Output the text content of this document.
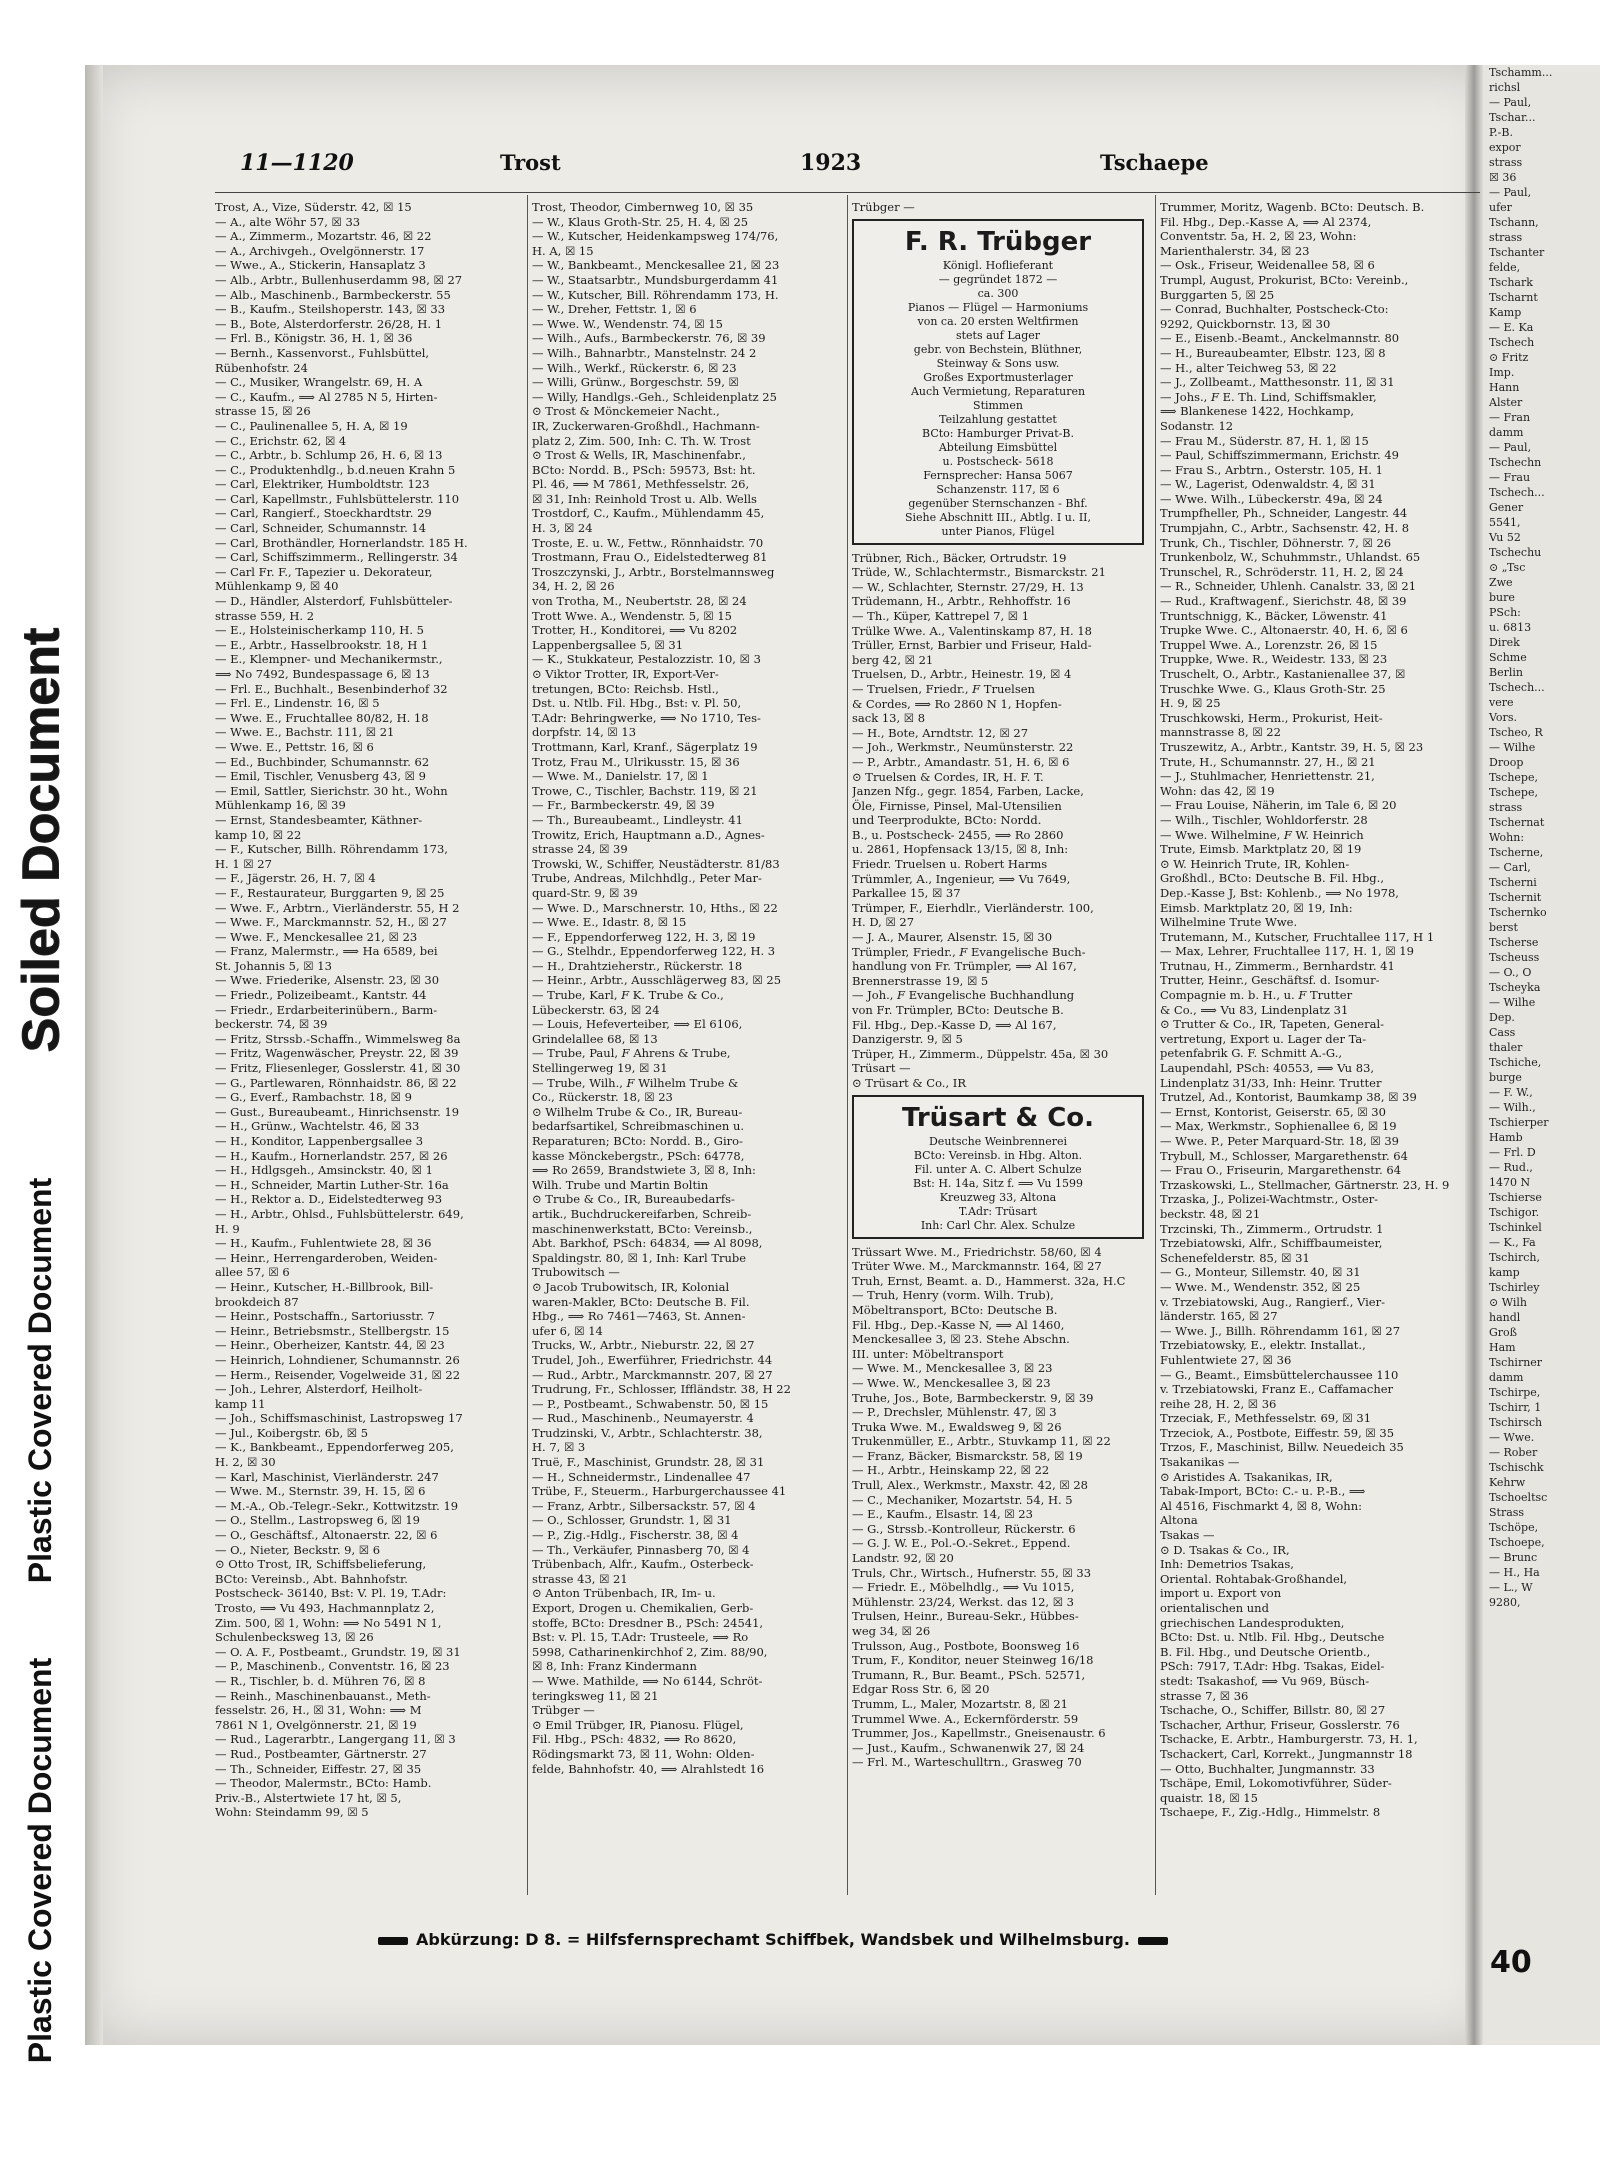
Soiled Document
Plastic Covered Document
Plastic Covered Document
Tschamm...
richsl
— Paul,
Tschar...
P.-B.
expor
strass
☒ 36
— Paul,
ufer
Tschann,
strass
Tschanter
felde,
Tschark
Tscharnt
Kamp
— E. Ka
Tschech
⊙ Fritz
Imp.
Hann
Alster
— Fran
damm
— Paul,
Tschechn
— Frau
Tschech...
Gener
5541,
Vu 52
Tschechu
⊙ „Tsc
Zwe
bure
PSch:
u. 6813
Direk
Schme
Berlin
Tschech...
vere
Vors.
Tscheo, R
— Wilhe
Droop
Tschepe,
Tschepe,
strass
Tschernat
Wohn:
Tscherne,
— Carl,
Tscherni
Tschernit
Tschernko
berst
Tscherse
Tscheuss
— O., O
Tscheyka
— Wilhe
Dep.
Cass
thaler
Tschiche,
burge
— F. W.,
— Wilh.,
Tschierper
Hamb
— Frl. D
— Rud.,
1470 N
Tschierse
Tschigor.
Tschinkel
— K., Fa
Tschirch,
kamp
Tschirley
⊙ Wilh
handl
Groß
Ham
Tschirner
damm
Tschirpe,
Tschirr, 1
Tschirsch
— Wwe.
— Rober
Tschischk
Kehrw
Tschoeltsc
Strass
Tschöpe,
Tschoepe,
— Brunc
— H., Ha
— L., W
9280,
40
11—1120	Trost	1923	Tschaepe
Trost, A., Vize, Süderstr. 42, ☒ 15
— A., alte Wöhr 57, ☒ 33
— A., Zimmerm., Mozartstr. 46, ☒ 22
— A., Archivgeh., Ovelgönnerstr. 17
— Wwe., A., Stickerin, Hansaplatz 3
— Alb., Arbtr., Bullenhuserdamm 98, ☒ 27
— Alb., Maschinenb., Barmbeckerstr. 55
— B., Kaufm., Steilshoperstr. 143, ☒ 33
— B., Bote, Alsterdorferstr. 26/28, H. 1
— Frl. B., Königstr. 36, H. 1, ☒ 36
— Bernh., Kassenvorst., Fuhlsbüttel,
Rübenhofstr. 24
— C., Musiker, Wrangelstr. 69, H. A
— C., Kaufm., ⟹ Al 2785 N 5, Hirten-
strasse 15, ☒ 26
— C., Paulinenallee 5, H. A, ☒ 19
— C., Erichstr. 62, ☒ 4
— C., Arbtr., b. Schlump 26, H. 6, ☒ 13
— C., Produktenhdlg., b.d.neuen Krahn 5
— Carl, Elektriker, Humboldtstr. 123
— Carl, Kapellmstr., Fuhlsbüttelerstr. 110
— Carl, Rangierf., Stoeckhardtstr. 29
— Carl, Schneider, Schumannstr. 14
— Carl, Brothändler, Hornerlandstr. 185 H.
— Carl, Schiffszimmerm., Rellingerstr. 34
— Carl Fr. F., Tapezier u. Dekorateur,
Mühlenkamp 9, ☒ 40
— D., Händler, Alsterdorf, Fuhlsbütteler-
strasse 559, H. 2
— E., Holsteinischerkamp 110, H. 5
— E., Arbtr., Hasselbrookstr. 18, H 1
— E., Klempner- und Mechanikermstr.,
⟹ No 7492, Bundespassage 6, ☒ 13
— Frl. E., Buchhalt., Besenbinderhof 32
— Frl. E., Lindenstr. 16, ☒ 5
— Wwe. E., Fruchtallee 80/82, H. 18
— Wwe. E., Bachstr. 111, ☒ 21
— Wwe. E., Pettstr. 16, ☒ 6
— Ed., Buchbinder, Schumannstr. 62
— Emil, Tischler, Venusberg 43, ☒ 9
— Emil, Sattler, Sierichstr. 30 ht., Wohn
Mühlenkamp 16, ☒ 39
— Ernst, Standesbeamter, Käthner-
kamp 10, ☒ 22
— F., Kutscher, Billh. Röhrendamm 173,
H. 1 ☒ 27
— F., Jägerstr. 26, H. 7, ☒ 4
— F., Restaurateur, Burggarten 9, ☒ 25
— Wwe. F., Arbtrn., Vierländerstr. 55, H 2
— Wwe. F., Marckmannstr. 52, H., ☒ 27
— Wwe. F., Menckesallee 21, ☒ 23
— Franz, Malermstr., ⟹ Ha 6589, bei
St. Johannis 5, ☒ 13
— Wwe. Friederike, Alsenstr. 23, ☒ 30
— Friedr., Polizeibeamt., Kantstr. 44
— Friedr., Erdarbeiterinübern., Barm-
beckerstr. 74, ☒ 39
— Fritz, Strssb.-Schaffn., Wimmelsweg 8a
— Fritz, Wagenwäscher, Preystr. 22, ☒ 39
— Fritz, Fliesenleger, Gosslerstr. 41, ☒ 30
— G., Partlewaren, Rönnhaidstr. 86, ☒ 22
— G., Everf., Rambachstr. 18, ☒ 9
— Gust., Bureaubeamt., Hinrichsenstr. 19
— H., Grünw., Wachtelstr. 46, ☒ 33
— H., Konditor, Lappenbergsallee 3
— H., Kaufm., Hornerlandstr. 257, ☒ 26
— H., Hdlgsgeh., Amsinckstr. 40, ☒ 1
— H., Schneider, Martin Luther-Str. 16a
— H., Rektor a. D., Eidelstedterweg 93
— H., Arbtr., Ohlsd., Fuhlsbüttelerstr. 649,
H. 9
— H., Kaufm., Fuhlentwiete 28, ☒ 36
— Heinr., Herrengarderoben, Weiden-
allee 57, ☒ 6
— Heinr., Kutscher, H.-Billbrook, Bill-
brookdeich 87
— Heinr., Postschaffn., Sartoriusstr. 7
— Heinr., Betriebsmstr., Stellbergstr. 15
— Heinr., Oberheizer, Kantstr. 44, ☒ 23
— Heinrich, Lohndiener, Schumannstr. 26
— Herm., Reisender, Vogelweide 31, ☒ 22
— Joh., Lehrer, Alsterdorf, Heilholt-
kamp 11
— Joh., Schiffsmaschinist, Lastropsweg 17
— Jul., Koibergstr. 6b, ☒ 5
— K., Bankbeamt., Eppendorferweg 205,
H. 2, ☒ 30
— Karl, Maschinist, Vierländerstr. 247
— Wwe. M., Sternstr. 39, H. 15, ☒ 6
— M.-A., Ob.-Telegr.-Sekr., Kottwitzstr. 19
— O., Stellm., Lastropsweg 6, ☒ 19
— O., Geschäftsf., Altonaerstr. 22, ☒ 6
— O., Nieter, Beckstr. 9, ☒ 6
⊙ Otto Trost, IR, Schiffsbelieferung,
BCto: Vereinsb., Abt. Bahnhofstr.
Postscheck- 36140, Bst: V. Pl. 19, T.Adr:
Trosto, ⟹ Vu 493, Hachmannplatz 2,
Zim. 500, ☒ 1, Wohn: ⟹ No 5491 N 1,
Schulenbecksweg 13, ☒ 26
— O. A. F., Postbeamt., Grundstr. 19, ☒ 31
— P., Maschinenb., Conventstr. 16, ☒ 23
— R., Tischler, b. d. Mühren 76, ☒ 8
— Reinh., Maschinenbauanst., Meth-
fesselstr. 26, H., ☒ 31, Wohn: ⟹ M
7861 N 1, Ovelgönnerstr. 21, ☒ 19
— Rud., Lagerarbtr., Langergang 11, ☒ 3
— Rud., Postbeamter, Gärtnerstr. 27
— Th., Schneider, Eiffestr. 27, ☒ 35
— Theodor, Malermstr., BCto: Hamb.
Priv.-B., Alstertwiete 17 ht, ☒ 5,
Wohn: Steindamm 99, ☒ 5
Trost, Theodor, Cimbernweg 10, ☒ 35
— W., Klaus Groth-Str. 25, H. 4, ☒ 25
— W., Kutscher, Heidenkampsweg 174/76,
H. A, ☒ 15
— W., Bankbeamt., Menckesallee 21, ☒ 23
— W., Staatsarbtr., Mundsburgerdamm 41
— W., Kutscher, Bill. Röhrendamm 173, H.
— W., Dreher, Fettstr. 1, ☒ 6
— Wwe. W., Wendenstr. 74, ☒ 15
— Wilh., Aufs., Barmbeckerstr. 76, ☒ 39
— Wilh., Bahnarbtr., Manstelnstr. 24 2
— Wilh., Werkf., Rückerstr. 6, ☒ 23
— Willi, Grünw., Borgeschstr. 59, ☒
— Willy, Handlgs.-Geh., Schleidenplatz 25
⊙ Trost & Mönckemeier Nacht.,
IR, Zuckerwaren-Großhdl., Hachmann-
platz 2, Zim. 500, Inh: C. Th. W. Trost
⊙ Trost & Wells, IR, Maschinenfabr.,
BCto: Nordd. B., PSch: 59573, Bst: ht.
Pl. 46, ⟹ M 7861, Methfesselstr. 26,
☒ 31, Inh: Reinhold Trost u. Alb. Wells
Trostdorf, C., Kaufm., Mühlendamm 45,
H. 3, ☒ 24
Troste, E. u. W., Fettw., Rönnhaidstr. 70
Trostmann, Frau O., Eidelstedterweg 81
Troszczynski, J., Arbtr., Borstelmannsweg
34, H. 2, ☒ 26
von Trotha, M., Neubertstr. 28, ☒ 24
Trott Wwe. A., Wendenstr. 5, ☒ 15
Trotter, H., Konditorei, ⟹ Vu 8202
Lappenbergsallee 5, ☒ 31
— K., Stukkateur, Pestalozzistr. 10, ☒ 3
⊙ Viktor Trotter, IR, Export-Ver-
tretungen, BCto: Reichsb. Hstl.,
Dst. u. Ntlb. Fil. Hbg., Bst: v. Pl. 50,
T.Adr: Behringwerke, ⟹ No 1710, Tes-
dorpfstr. 14, ☒ 13
Trottmann, Karl, Kranf., Sägerplatz 19
Trotz, Frau M., Ulrikusstr. 15, ☒ 36
— Wwe. M., Danielstr. 17, ☒ 1
Trowe, C., Tischler, Bachstr. 119, ☒ 21
— Fr., Barmbeckerstr. 49, ☒ 39
— Th., Bureaubeamt., Lindleystr. 41
Trowitz, Erich, Hauptmann a.D., Agnes-
strasse 24, ☒ 39
Trowski, W., Schiffer, Neustädterstr. 81/83
Trube, Andreas, Milchhdlg., Peter Mar-
quard-Str. 9, ☒ 39
— Wwe. D., Marschnerstr. 10, Hths., ☒ 22
— Wwe. E., Idastr. 8, ☒ 15
— F., Eppendorferweg 122, H. 3, ☒ 19
— G., Stelhdr., Eppendorferweg 122, H. 3
— H., Drahtzieherstr., Rückerstr. 18
— Heinr., Arbtr., Ausschlägerweg 83, ☒ 25
— Trube, Karl, 𝐹 K. Trube & Co.,
Lübeckerstr. 63, ☒ 24
— Louis, Hefeverteiber, ⟹ El 6106,
Grindelallee 68, ☒ 13
— Trube, Paul, 𝐹 Ahrens & Trube,
Stellingerweg 19, ☒ 31
— Trube, Wilh., 𝐹 Wilhelm Trube &
Co., Rückerstr. 18, ☒ 23
⊙ Wilhelm Trube & Co., IR, Bureau-
bedarfsartikel, Schreibmaschinen u.
Reparaturen; BCto: Nordd. B., Giro-
kasse Mönckebergstr., PSch: 64778,
⟹ Ro 2659, Brandstwiete 3, ☒ 8, Inh:
Wilh. Trube und Martin Boltin
⊙ Trube & Co., IR, Bureaubedarfs-
artik., Buchdruckereifarben, Schreib-
maschinenwerkstatt, BCto: Vereinsb.,
Abt. Barkhof, PSch: 64834, ⟹ Al 8098,
Spaldingstr. 80, ☒ 1, Inh: Karl Trube
Trubowitsch —
⊙ Jacob Trubowitsch, IR, Kolonial
waren-Makler, BCto: Deutsche B. Fil.
Hbg., ⟹ Ro 7461—7463, St. Annen-
ufer 6, ☒ 14
Trucks, W., Arbtr., Nieburstr. 22, ☒ 27
Trudel, Joh., Ewerführer, Friedrichstr. 44
— Rud., Arbtr., Marckmannstr. 207, ☒ 27
Trudrung, Fr., Schlosser, Iffländstr. 38, H 22
— P., Postbeamt., Schwabenstr. 50, ☒ 15
— Rud., Maschinenb., Neumayerstr. 4
Trudzinski, V., Arbtr., Schlachterstr. 38,
H. 7, ☒ 3
Truë, F., Maschinist, Grundstr. 28, ☒ 31
— H., Schneidermstr., Lindenallee 47
Trübe, F., Steuerm., Harburgerchaussee 41
— Franz, Arbtr., Silbersackstr. 57, ☒ 4
— O., Schlosser, Grundstr. 1, ☒ 31
— P., Zig.-Hdlg., Fischerstr. 38, ☒ 4
— Th., Verkäufer, Pinnasberg 70, ☒ 4
Trübenbach, Alfr., Kaufm., Osterbeck-
strasse 43, ☒ 21
⊙ Anton Trübenbach, IR, Im- u.
Export, Drogen u. Chemikalien, Gerb-
stoffe, BCto: Dresdner B., PSch: 24541,
Bst: v. Pl. 15, T.Adr: Trusteele, ⟹ Ro
5998, Catharinenkirchhof 2, Zim. 88/90,
☒ 8, Inh: Franz Kindermann
— Wwe. Mathilde, ⟹ No 6144, Schröt-
teringksweg 11, ☒ 21
Trübger —
⊙ Emil Trübger, IR, Pianosu. Flügel,
Fil. Hbg., PSch: 4832, ⟹ Ro 8620,
Rödingsmarkt 73, ☒ 11, Wohn: Olden-
felde, Bahnhofstr. 40, ⟹ Alrahlstedt 16
Trübger —
F. R. Trübger
Königl. Hoflieferant
— gegründet 1872 —
ca. 300
Pianos — Flügel — Harmoniums
von ca. 20 ersten Weltfirmen
stets auf Lager
gebr. von Bechstein, Blüthner,
Steinway & Sons usw.
Großes Exportmusterlager
Auch Vermietung, Reparaturen
Stimmen
Teilzahlung gestattet
BCto: Hamburger Privat-B.
Abteilung Eimsbüttel
u. Postscheck- 5618
Fernsprecher: Hansa 5067
Schanzenstr. 117, ☒ 6
gegenüber Sternschanzen - Bhf.
Siehe Abschnitt III., Abtlg. I u. II,
unter Pianos, Flügel
Trübner, Rich., Bäcker, Ortrudstr. 19
Trüde, W., Schlachtermstr., Bismarckstr. 21
— W., Schlachter, Sternstr. 27/29, H. 13
Trüdemann, H., Arbtr., Rehhoffstr. 16
— Th., Küper, Kattrepel 7, ☒ 1
Trülke Wwe. A., Valentinskamp 87, H. 18
Trüller, Ernst, Barbier und Friseur, Hald-
berg 42, ☒ 21
Truelsen, D., Arbtr., Heinestr. 19, ☒ 4
— Truelsen, Friedr., 𝐹 Truelsen
& Cordes, ⟹ Ro 2860 N 1, Hopfen-
sack 13, ☒ 8
— H., Bote, Arndtstr. 12, ☒ 27
— Joh., Werkmstr., Neumünsterstr. 22
— P., Arbtr., Amandastr. 51, H. 6, ☒ 6
⊙ Truelsen & Cordes, IR, H. F. T.
Janzen Nfg., gegr. 1854, Farben, Lacke,
Öle, Firnisse, Pinsel, Mal-Utensilien
und Teerprodukte, BCto: Nordd.
B., u. Postscheck- 2455, ⟹ Ro 2860
u. 2861, Hopfensack 13/15, ☒ 8, Inh:
Friedr. Truelsen u. Robert Harms
Trümmler, A., Ingenieur, ⟹ Vu 7649,
Parkallee 15, ☒ 37
Trümper, F., Eierhdlr., Vierländerstr. 100,
H. D, ☒ 27
— J. A., Maurer, Alsenstr. 15, ☒ 30
Trümpler, Friedr., 𝐹 Evangelische Buch-
handlung von Fr. Trümpler, ⟹ Al 167,
Brennerstrasse 19, ☒ 5
— Joh., 𝐹 Evangelische Buchhandlung
von Fr. Trümpler, BCto: Deutsche B.
Fil. Hbg., Dep.-Kasse D, ⟹ Al 167,
Danzigerstr. 9, ☒ 5
Trüper, H., Zimmerm., Düppelstr. 45a, ☒ 30
Trüsart —
⊙ Trüsart & Co., IR
Trüsart & Co.
Deutsche Weinbrennerei
BCto: Vereinsb. in Hbg. Alton.
Fil. unter A. C. Albert Schulze
Bst: H. 14a, Sitz f. ⟹ Vu 1599
Kreuzweg 33, Altona
T.Adr: Trüsart
Inh: Carl Chr. Alex. Schulze
Trüssart Wwe. M., Friedrichstr. 58/60, ☒ 4
Trüter Wwe. M., Marckmannstr. 164, ☒ 27
Truh, Ernst, Beamt. a. D., Hammerst. 32a, H.C
— Truh, Henry (vorm. Wilh. Trub),
Möbeltransport, BCto: Deutsche B.
Fil. Hbg., Dep.-Kasse N, ⟹ Al 1460,
Menckesallee 3, ☒ 23. Stehe Abschn.
III. unter: Möbeltransport
— Wwe. M., Menckesallee 3, ☒ 23
— Wwe. W., Menckesallee 3, ☒ 23
Truhe, Jos., Bote, Barmbeckerstr. 9, ☒ 39
— P., Drechsler, Mühlenstr. 47, ☒ 3
Truka Wwe. M., Ewaldsweg 9, ☒ 26
Trukenmüller, E., Arbtr., Stuvkamp 11, ☒ 22
— Franz, Bäcker, Bismarckstr. 58, ☒ 19
— H., Arbtr., Heinskamp 22, ☒ 22
Trull, Alex., Werkmstr., Maxstr. 42, ☒ 28
— C., Mechaniker, Mozartstr. 54, H. 5
— E., Kaufm., Elsastr. 14, ☒ 23
— G., Strssb.-Kontrolleur, Rückerstr. 6
— G. J. W. E., Pol.-O.-Sekret., Eppend.
Landstr. 92, ☒ 20
Truls, Chr., Wirtsch., Hufnerstr. 55, ☒ 33
— Friedr. E., Möbelhdlg., ⟹ Vu 1015,
Mühlenstr. 23/24, Werkst. das 12, ☒ 3
Trulsen, Heinr., Bureau-Sekr., Hübbes-
weg 34, ☒ 26
Trulsson, Aug., Postbote, Boonsweg 16
Trum, F., Konditor, neuer Steinweg 16/18
Trumann, R., Bur. Beamt., PSch. 52571,
Edgar Ross Str. 6, ☒ 20
Trumm, L., Maler, Mozartstr. 8, ☒ 21
Trummel Wwe. A., Eckernförderstr. 59
Trummer, Jos., Kapellmstr., Gneisenaustr. 6
— Just., Kaufm., Schwanenwik 27, ☒ 24
— Frl. M., Warteschulltrn., Grasweg 70
Trummer, Moritz, Wagenb. BCto: Deutsch. B.
Fil. Hbg., Dep.-Kasse A, ⟹ Al 2374,
Conventstr. 5a, H. 2, ☒ 23, Wohn:
Marienthalerstr. 34, ☒ 23
— Osk., Friseur, Weidenallee 58, ☒ 6
Trumpl, August, Prokurist, BCto: Vereinb.,
Burggarten 5, ☒ 25
— Conrad, Buchhalter, Postscheck-Cto:
9292, Quickbornstr. 13, ☒ 30
— E., Eisenb.-Beamt., Anckelmannstr. 80
— H., Bureaubeamter, Elbstr. 123, ☒ 8
— H., alter Teichweg 53, ☒ 22
— J., Zollbeamt., Matthesonstr. 11, ☒ 31
— Johs., 𝐹 E. Th. Lind, Schiffsmakler,
⟹ Blankenese 1422, Hochkamp,
Sodanstr. 12
— Frau M., Süderstr. 87, H. 1, ☒ 15
— Paul, Schiffszimmermann, Erichstr. 49
— Frau S., Arbtrn., Osterstr. 105, H. 1
— W., Lagerist, Odenwaldstr. 4, ☒ 31
— Wwe. Wilh., Lübeckerstr. 49a, ☒ 24
Trumpfheller, Ph., Schneider, Langestr. 44
Trumpjahn, C., Arbtr., Sachsenstr. 42, H. 8
Trunk, Ch., Tischler, Döhnerstr. 7, ☒ 26
Trunkenbolz, W., Schuhmmstr., Uhlandst. 65
Trunschel, R., Schröderstr. 11, H. 2, ☒ 24
— R., Schneider, Uhlenh. Canalstr. 33, ☒ 21
— Rud., Kraftwagenf., Sierichstr. 48, ☒ 39
Truntschnigg, K., Bäcker, Löwenstr. 41
Trupke Wwe. C., Altonaerstr. 40, H. 6, ☒ 6
Truppel Wwe. A., Lorenzstr. 26, ☒ 15
Truppke, Wwe. R., Weidestr. 133, ☒ 23
Truschelt, O., Arbtr., Kastanienallee 37, ☒
Truschke Wwe. G., Klaus Groth-Str. 25
H. 9, ☒ 25
Truschkowski, Herm., Prokurist, Heit-
mannstrasse 8, ☒ 22
Truszewitz, A., Arbtr., Kantstr. 39, H. 5, ☒ 23
Trute, H., Schumannstr. 27, H., ☒ 21
— J., Stuhlmacher, Henriettenstr. 21,
Wohn: das 42, ☒ 19
— Frau Louise, Näherin, im Tale 6, ☒ 20
— Wilh., Tischler, Wohldorferstr. 28
— Wwe. Wilhelmine, 𝐹 W. Heinrich
Trute, Eimsb. Marktplatz 20, ☒ 19
⊙ W. Heinrich Trute, IR, Kohlen-
Großhdl., BCto: Deutsche B. Fil. Hbg.,
Dep.-Kasse J, Bst: Kohlenb., ⟹ No 1978,
Eimsb. Marktplatz 20, ☒ 19, Inh:
Wilhelmine Trute Wwe.
Trutemann, M., Kutscher, Fruchtallee 117, H 1
— Max, Lehrer, Fruchtallee 117, H. 1, ☒ 19
Trutnau, H., Zimmerm., Bernhardstr. 41
Trutter, Heinr., Geschäftsf. d. Isomur-
Compagnie m. b. H., u. 𝐹 Trutter
& Co., ⟹ Vu 83, Lindenplatz 31
⊙ Trutter & Co., IR, Tapeten, General-
vertretung, Export u. Lager der Ta-
petenfabrik G. F. Schmitt A.-G.,
Laupendahl, PSch: 40553, ⟹ Vu 83,
Lindenplatz 31/33, Inh: Heinr. Trutter
Trutzel, Ad., Kontorist, Baumkamp 38, ☒ 39
— Ernst, Kontorist, Geiserstr. 65, ☒ 30
— Max, Werkmstr., Sophienallee 6, ☒ 19
— Wwe. P., Peter Marquard-Str. 18, ☒ 39
Trybull, M., Schlosser, Margarethenstr. 64
— Frau O., Friseurin, Margarethenstr. 64
Trzaskowski, L., Stellmacher, Gärtnerstr. 23, H. 9
Trzaska, J., Polizei-Wachtmstr., Oster-
beckstr. 48, ☒ 21
Trzcinski, Th., Zimmerm., Ortrudstr. 1
Trzebiatowski, Alfr., Schiffbaumeister,
Schenefelderstr. 85, ☒ 31
— G., Monteur, Sillemstr. 40, ☒ 31
— Wwe. M., Wendenstr. 352, ☒ 25
v. Trzebiatowski, Aug., Rangierf., Vier-
länderstr. 165, ☒ 27
— Wwe. J., Billh. Röhrendamm 161, ☒ 27
Trzebiatowsky, E., elektr. Installat.,
Fuhlentwiete 27, ☒ 36
— G., Beamt., Eimsbüttelerchaussee 110
v. Trzebiatowski, Franz E., Caffamacher
reihe 28, H. 2, ☒ 36
Trzeciak, F., Methfesselstr. 69, ☒ 31
Trzeciok, A., Postbote, Eiffestr. 59, ☒ 35
Trzos, F., Maschinist, Billw. Neuedeich 35
Tsakanikas —
⊙ Aristides A. Tsakanikas, IR,
Tabak-Import, BCto: C.- u. P.-B., ⟹
Al 4516, Fischmarkt 4, ☒ 8, Wohn:
Altona
Tsakas —
⊙ D. Tsakas & Co., IR,
Inh: Demetrios Tsakas,
Oriental. Rohtabak-Großhandel,
import u. Export von
orientalischen und
griechischen Landesprodukten,
BCto: Dst. u. Ntlb. Fil. Hbg., Deutsche
B. Fil. Hbg., und Deutsche Orientb.,
PSch: 7917, T.Adr: Hbg. Tsakas, Eidel-
stedt: Tsakashof, ⟹ Vu 969, Büsch-
strasse 7, ☒ 36
Tschache, O., Schiffer, Billstr. 80, ☒ 27
Tschacher, Arthur, Friseur, Gosslerstr. 76
Tschacke, E. Arbtr., Hamburgerstr. 73, H. 1,
Tschackert, Carl, Korrekt., Jungmannstr 18
— Otto, Buchhalter, Jungmannstr. 33
Tschäpe, Emil, Lokomotivführer, Süder-
quaistr. 18, ☒ 15
Tschaepe, F., Zig.-Hdlg., Himmelstr. 8
Abkürzung: D 8. = Hilfsfernsprechamt Schiffbek, Wandsbek und Wilhelmsburg.
